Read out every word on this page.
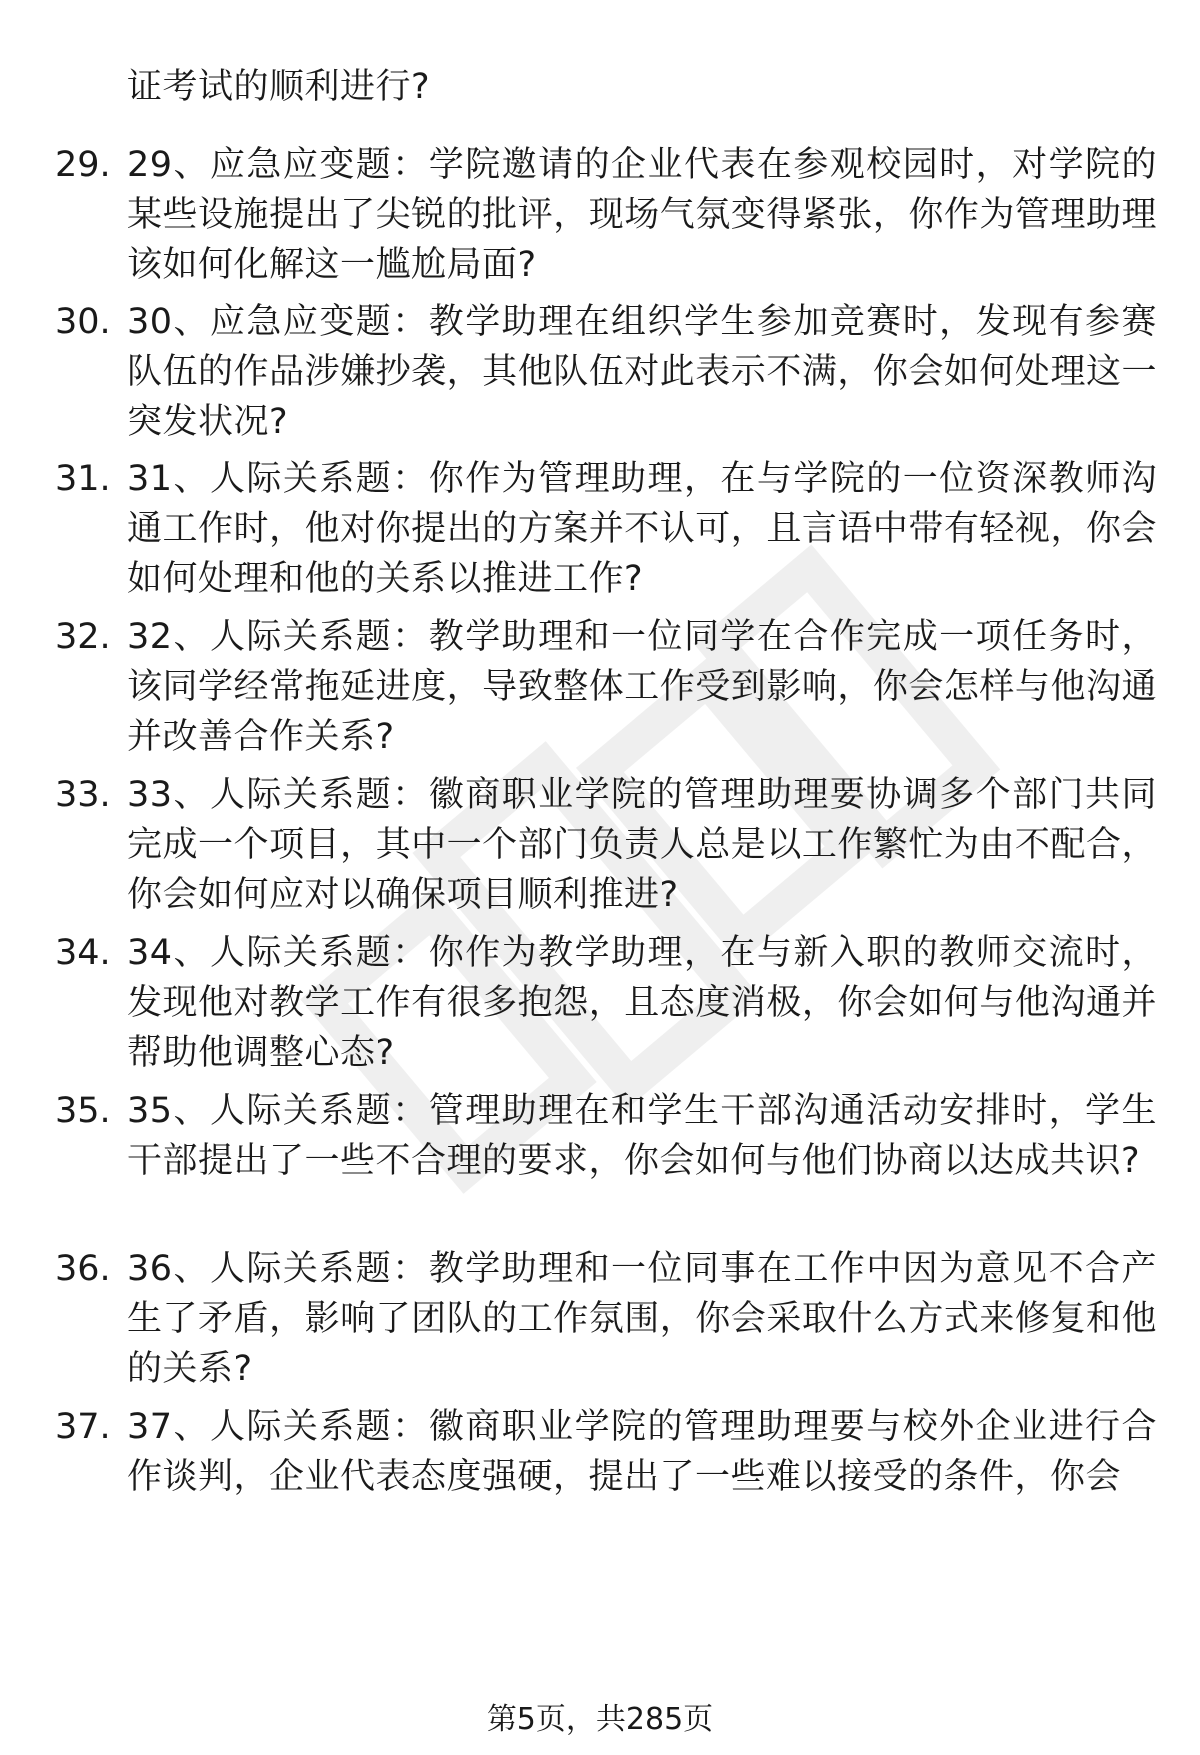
证考试的顺利进行?
29. 29、应急应变题：学院邀请的企业代表在参观校园时，对学院的某些设施提出了尖锐的批评，现场气氛变得紧张，你作为管理助理该如何化解这一尴尬局面?
30. 30、应急应变题：教学助理在组织学生参加竞赛时，发现有参赛队伍的作品涉嫌抄袭，其他队伍对此表示不满，你会如何处理这一突发状况?
31. 31、人际关系题：你作为管理助理，在与学院的一位资深教师沟通工作时，他对你提出的方案并不认可，且言语中带有轻视，你会如何处理和他的关系以推进工作?
32. 32、人际关系题：教学助理和一位同学在合作完成一项任务时，该同学经常拖延进度，导致整体工作受到影响，你会怎样与他沟通并改善合作关系?
33. 33、人际关系题：徽商职业学院的管理助理要协调多个部门共同完成一个项目，其中一个部门负责人总是以工作繁忙为由不配合，你会如何应对以确保项目顺利推进?
34. 34、人际关系题：你作为教学助理，在与新入职的教师交流时，发现他对教学工作有很多抱怨，且态度消极，你会如何与他沟通并帮助他调整心态?
35. 35、人际关系题：管理助理在和学生干部沟通活动安排时，学生干部提出了一些不合理的要求，你会如何与他们协商以达成共识?
36. 36、人际关系题：教学助理和一位同事在工作中因为意见不合产生了矛盾，影响了团队的工作氛围，你会采取什么方式来修复和他的关系?
37. 37、人际关系题：徽商职业学院的管理助理要与校外企业进行合作谈判，企业代表态度强硬，提出了一些难以接受的条件，你会
第5页，共285页
